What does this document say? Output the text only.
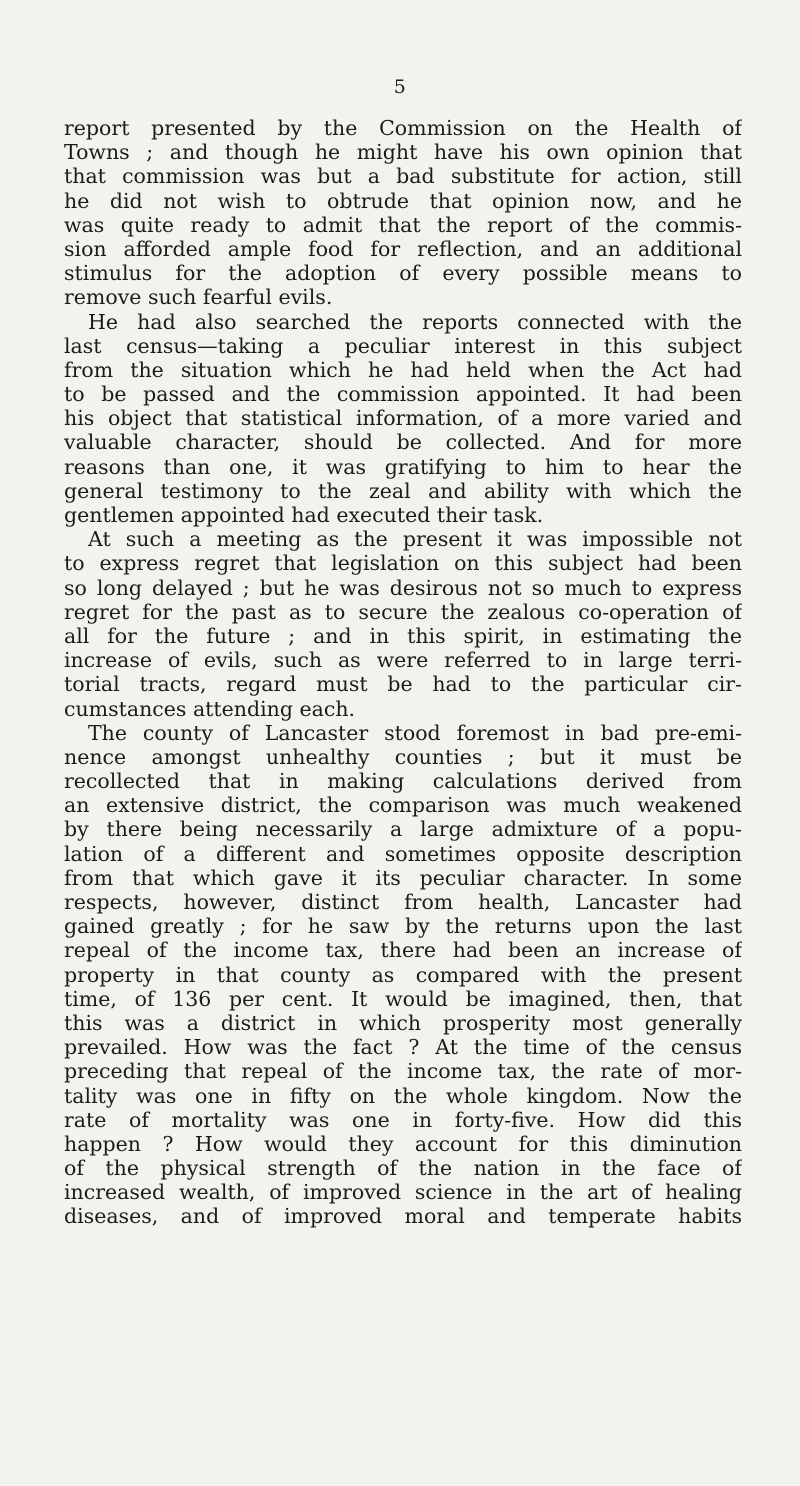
5
report presented by the Commission on the Health of
Towns ; and though he might have his own opinion that
that commission was but a bad substitute for action, still
he did not wish to obtrude that opinion now, and he
was quite ready to admit that the report of the commis-
sion afforded ample food for reflection, and an additional
stimulus for the adoption of every possible means to
remove such fearful evils.
He had also searched the reports connected with the
last census—taking a peculiar interest in this subject
from the situation which he had held when the Act had
to be passed and the commission appointed. It had been
his object that statistical information, of a more varied and
valuable character, should be collected. And for more
reasons than one, it was gratifying to him to hear the
general testimony to the zeal and ability with which the
gentlemen appointed had executed their task.
At such a meeting as the present it was impossible not
to express regret that legislation on this subject had been
so long delayed ; but he was desirous not so much to express
regret for the past as to secure the zealous co-operation of
all for the future ; and in this spirit, in estimating the
increase of evils, such as were referred to in large terri-
torial tracts, regard must be had to the particular cir-
cumstances attending each.
The county of Lancaster stood foremost in bad pre-emi-
nence amongst unhealthy counties ; but it must be
recollected that in making calculations derived from
an extensive district, the comparison was much weakened
by there being necessarily a large admixture of a popu-
lation of a different and sometimes opposite description
from that which gave it its peculiar character. In some
respects, however, distinct from health, Lancaster had
gained greatly ; for he saw by the returns upon the last
repeal of the income tax, there had been an increase of
property in that county as compared with the present
time, of 136 per cent. It would be imagined, then, that
this was a district in which prosperity most generally
prevailed. How was the fact ? At the time of the census
preceding that repeal of the income tax, the rate of mor-
tality was one in fifty on the whole kingdom. Now the
rate of mortality was one in forty-five. How did this
happen ? How would they account for this diminution
of the physical strength of the nation in the face of
increased wealth, of improved science in the art of healing
diseases, and of improved moral and temperate habits
